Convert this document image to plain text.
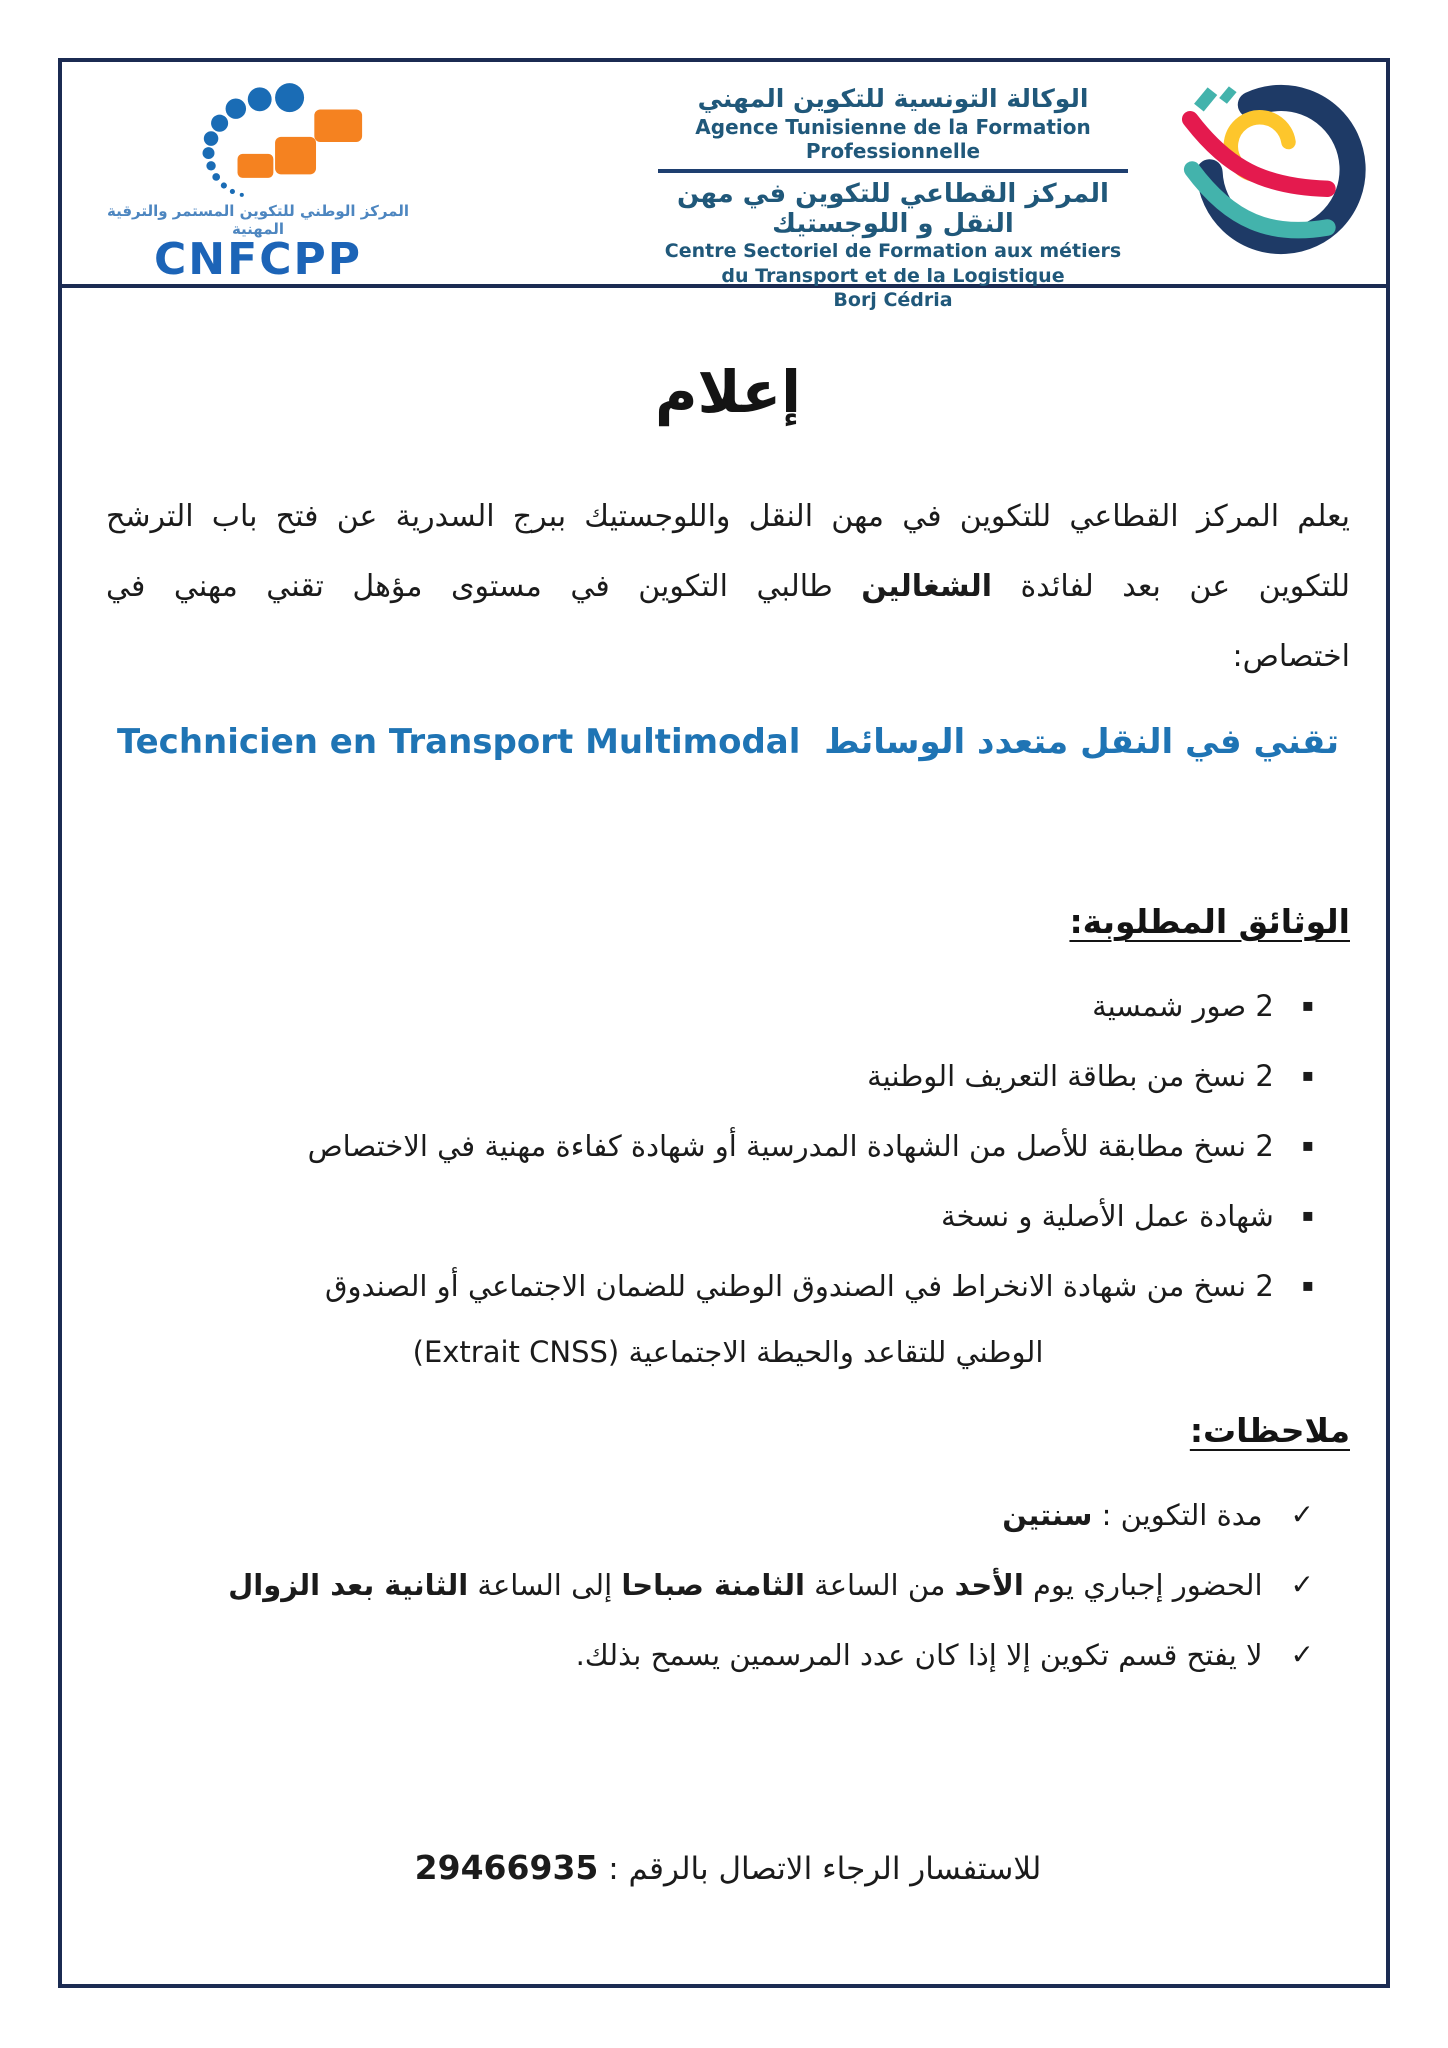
المركز الوطني للتكوين المستمر والترقية المهنية
CNFCPP
الوكالة التونسية للتكوين المهني
Agence Tunisienne de la Formation Professionnelle
المركز القطاعي للتكوين في مهن النقل و اللوجستيك
Centre Sectoriel de Formation aux métiers
du Transport et de la Logistique
Borj Cédria
إعلام
يعلم المركز القطاعي للتكوين في مهن النقل واللوجستيك ببرج السدرية عن فتح باب الترشح
للتكوين عن بعد لفائدة الشغالين طالبي التكوين في مستوى مؤهل تقني مهني في
اختصاص:
تقني في النقل متعدد الوسائط  Technicien en Transport Multimodal
الوثائق المطلوبة:
▪
2 صور شمسية
▪
2 نسخ من بطاقة التعريف الوطنية
▪
2 نسخ مطابقة للأصل من الشهادة المدرسية أو شهادة كفاءة مهنية في الاختصاص
▪
شهادة عمل الأصلية و نسخة
▪
2 نسخ من شهادة الانخراط في الصندوق الوطني للضمان الاجتماعي أو الصندوق
الوطني للتقاعد والحيطة الاجتماعية (Extrait CNSS)
ملاحظات:
✓
مدة التكوين : سنتين
✓
الحضور إجباري يوم الأحد من الساعة الثامنة صباحا إلى الساعة الثانية بعد الزوال
✓
لا يفتح قسم تكوين إلا إذا كان عدد المرسمين يسمح بذلك.
للاستفسار الرجاء الاتصال بالرقم : 29466935
